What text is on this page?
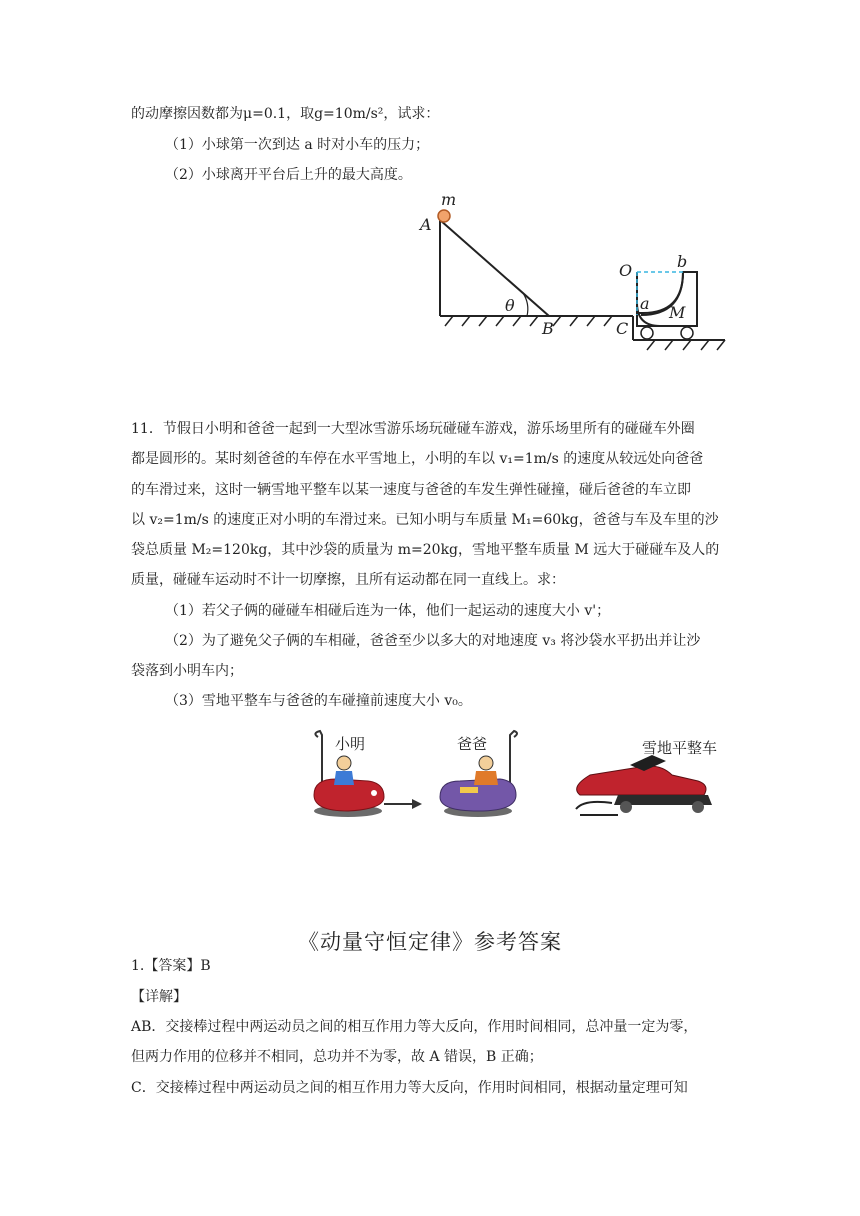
的动摩擦因数都为μ=0.1，取g=10m/s²，试求：
（1）小球第一次到达 a 时对小车的压力；
（2）小球离开平台后上升的最大高度。
m
A
θ
B	C
O	b
a M
11．节假日小明和爸爸一起到一大型冰雪游乐场玩碰碰车游戏，游乐场里所有的碰碰车外圈
都是圆形的。某时刻爸爸的车停在水平雪地上，小明的车以 v₁=1m/s 的速度从较远处向爸爸
的车滑过来，这时一辆雪地平整车以某一速度与爸爸的车发生弹性碰撞，碰后爸爸的车立即
以 v₂=1m/s 的速度正对小明的车滑过来。已知小明与车质量 M₁=60kg，爸爸与车及车里的沙
袋总质量 M₂=120kg，其中沙袋的质量为 m=20kg，雪地平整车质量 M 远大于碰碰车及人的
质量，碰碰车运动时不计一切摩擦，且所有运动都在同一直线上。求：
（1）若父子俩的碰碰车相碰后连为一体，他们一起运动的速度大小 v'；
（2）为了避免父子俩的车相碰，爸爸至少以多大的对地速度 v₃ 将沙袋水平扔出并让沙
袋落到小明车内；
（3）雪地平整车与爸爸的车碰撞前速度大小 v₀。
小明	爸爸	雪地平整车
《动量守恒定律》参考答案
1.【答案】B
【详解】
AB．交接棒过程中两运动员之间的相互作用力等大反向，作用时间相同，总冲量一定为零，
但两力作用的位移并不相同，总功并不为零，故 A 错误，B 正确；
C．交接棒过程中两运动员之间的相互作用力等大反向，作用时间相同，根据动量定理可知
